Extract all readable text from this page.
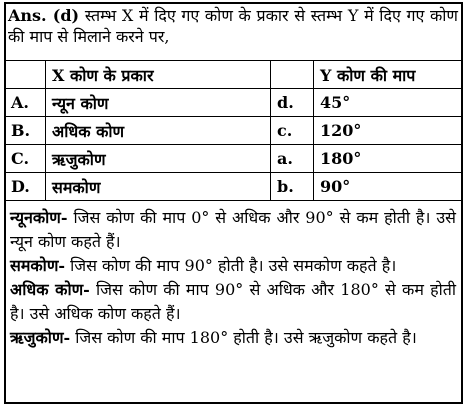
Ans. (d) स्तम्भ X में दिए गए कोण के प्रकार से स्तम्भ Y में दिए गए कोण की माप से मिलाने करने पर,
	X कोण के प्रकार		Y कोण की माप
A.	न्यून कोण	d.	45°
B.	अधिक कोण	c.	120°
C.	ऋजुकोण	a.	180°
D.	समकोण	b.	90°

न्यूनकोण- जिस कोण की माप 0° से अधिक और 90° से कम होती है। उसे न्यून कोण कहते हैं।

समकोण- जिस कोण की माप 90° होती है। उसे समकोण कहते है।

अधिक कोण- जिस कोण की माप 90° से अधिक और 180° से कम होती है। उसे अधिक कोण कहते हैं।

ऋजुकोण- जिस कोण की माप 180° होती है। उसे ऋजुकोण कहते है।
